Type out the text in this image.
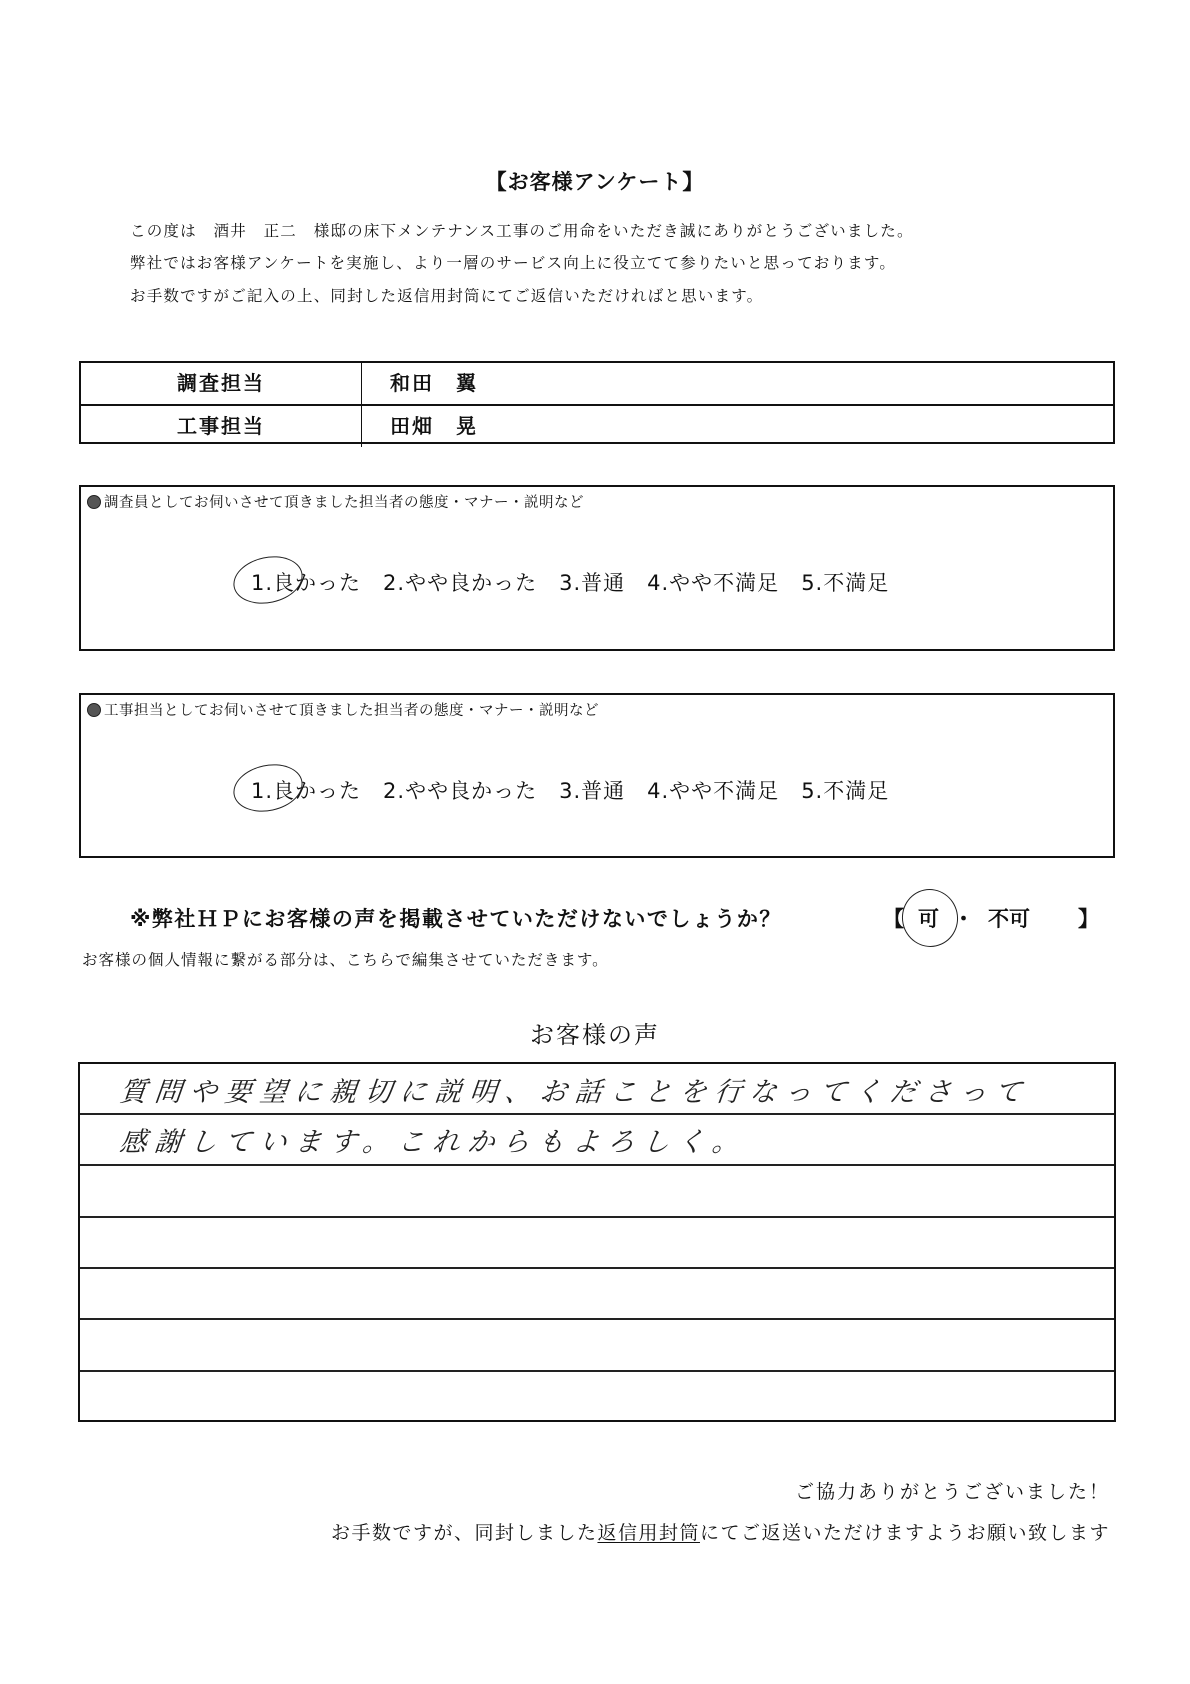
【お客様アンケート】
この度は　酒井　正二　様邸の床下メンテナンス工事のご用命をいただき誠にありがとうございました。
弊社ではお客様アンケートを実施し、より一層のサービス向上に役立てて参りたいと思っております。
お手数ですがご記入の上、同封した返信用封筒にてご返信いただければと思います。
調査担当	和田　翼
工事担当	田畑　晃
調査員としてお伺いさせて頂きました担当者の態度・マナー・説明など
1.良かった 2.やや良かった 3.普通 4.やや不満足 5.不満足
工事担当としてお伺いさせて頂きました担当者の態度・マナー・説明など
1.良かった 2.やや良かった 3.普通 4.やや不満足 5.不満足
※弊社ＨＰにお客様の声を掲載させていただけないでしょうか？	【 可 ・ 不可 】
お客様の個人情報に繋がる部分は、こちらで編集させていただきます。
お客様の声
質問や要望に親切に説明、お話ことを行なってくださって
感謝しています。これからもよろしく。
ご協力ありがとうございました！
お手数ですが、同封しました返信用封筒にてご返送いただけますようお願い致します
